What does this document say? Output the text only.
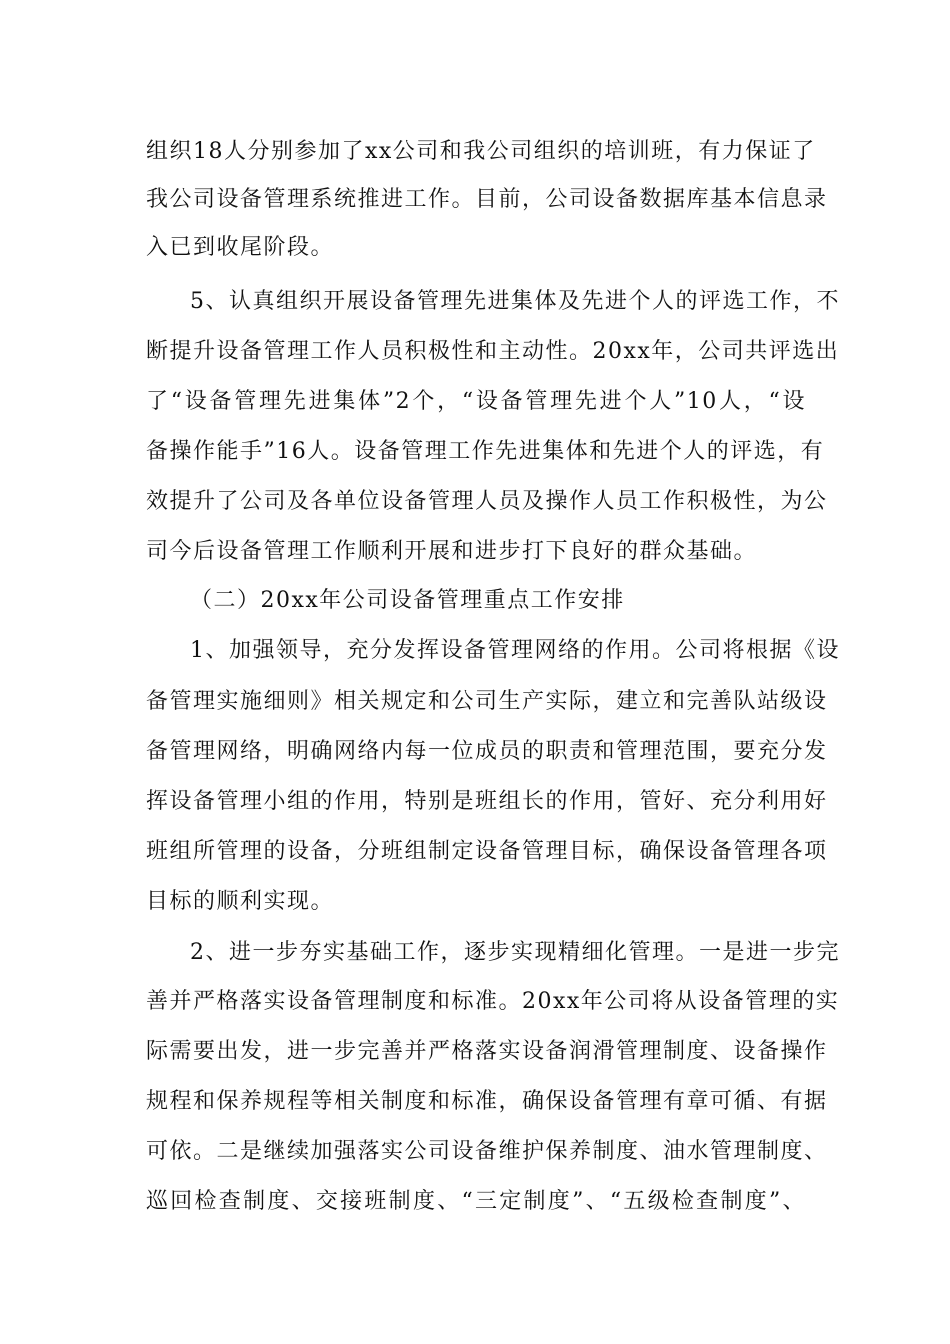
组织18人分别参加了xx公司和我公司组织的培训班，有力保证了
我公司设备管理系统推进工作。目前，公司设备数据库基本信息录
入已到收尾阶段。
5、认真组织开展设备管理先进集体及先进个人的评选工作，不
断提升设备管理工作人员积极性和主动性。20xx年，公司共评选出
了“设备管理先进集体”2个，“设备管理先进个人”10人，“设
备操作能手”16人。设备管理工作先进集体和先进个人的评选，有
效提升了公司及各单位设备管理人员及操作人员工作积极性，为公
司今后设备管理工作顺利开展和进步打下良好的群众基础。
（二）20xx年公司设备管理重点工作安排
1、加强领导，充分发挥设备管理网络的作用。公司将根据《设
备管理实施细则》相关规定和公司生产实际，建立和完善队站级设
备管理网络，明确网络内每一位成员的职责和管理范围，要充分发
挥设备管理小组的作用，特别是班组长的作用，管好、充分利用好
班组所管理的设备，分班组制定设备管理目标，确保设备管理各项
目标的顺利实现。
2、进一步夯实基础工作，逐步实现精细化管理。一是进一步完
善并严格落实设备管理制度和标准。20xx年公司将从设备管理的实
际需要出发，进一步完善并严格落实设备润滑管理制度、设备操作
规程和保养规程等相关制度和标准，确保设备管理有章可循、有据
可依。二是继续加强落实公司设备维护保养制度、油水管理制度、
巡回检查制度、交接班制度、“三定制度”、“五级检查制度”、
